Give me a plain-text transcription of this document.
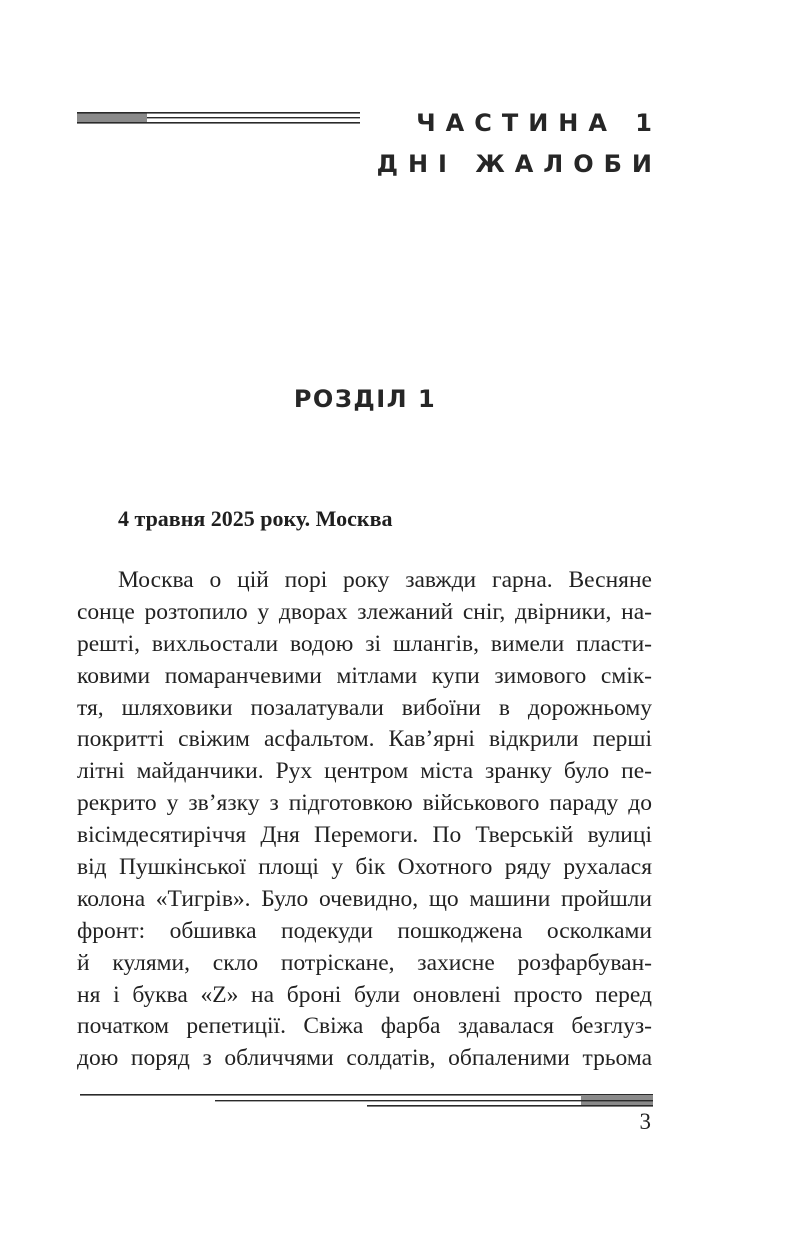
ЧАСТИНА 1
ДНІ ЖАЛОБИ
РОЗДІЛ 1
4 травня 2025 року. Москва
Москва о цій порі року завжди гарна. Весняне
сонце розтопило у дворах злежаний сніг, двірники, на-
решті, вихльостали водою зі шлангів, вимели пласти-
ковими помаранчевими мітлами купи зимового смік-
тя, шляховики позалатували вибоїни в дорожньому
покритті свіжим асфальтом. Кав’ярні відкрили перші
літні майданчики. Рух центром міста зранку було пе-
рекрито у зв’язку з підготовкою військового параду до
вісімдесятиріччя Дня Перемоги. По Тверській вулиці
від Пушкінської площі у бік Охотного ряду рухалася
колона «Тигрів». Було очевидно, що машини пройшли
фронт: обшивка подекуди пошкоджена осколками
й кулями, скло потріскане, захисне розфарбуван-
ня і буква «Z» на броні були оновлені просто перед
початком репетиції. Свіжа фарба здавалася безглуз-
дою поряд з обличчями солдатів, обпаленими трьома
3
